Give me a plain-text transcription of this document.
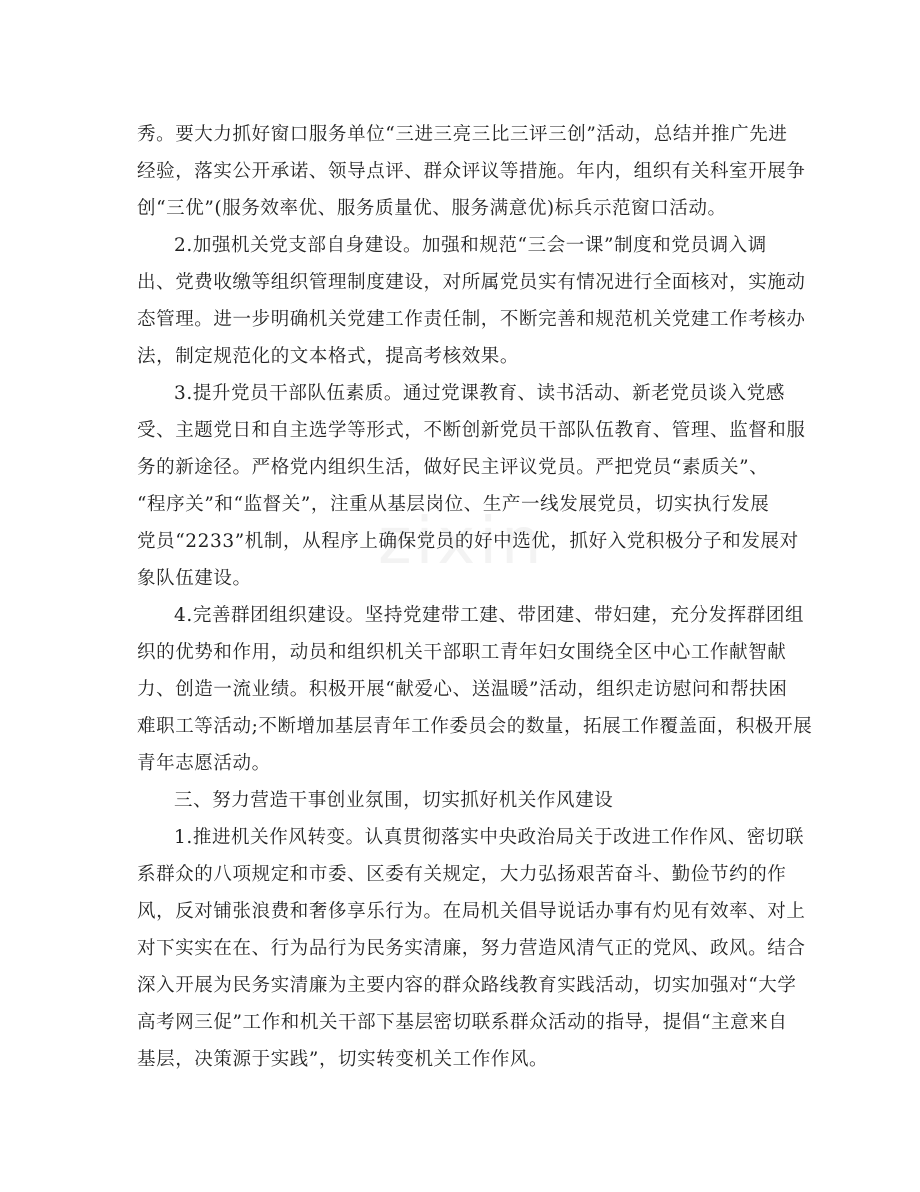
zixin
秀。要大力抓好窗口服务单位“三进三亮三比三评三创”活动，总结并推广先进
经验，落实公开承诺、领导点评、群众评议等措施。年内，组织有关科室开展争
创“三优”(服务效率优、服务质量优、服务满意优)标兵示范窗口活动。
2.加强机关党支部自身建设。加强和规范“三会一课”制度和党员调入调
出、党费收缴等组织管理制度建设，对所属党员实有情况进行全面核对，实施动
态管理。进一步明确机关党建工作责任制，不断完善和规范机关党建工作考核办
法，制定规范化的文本格式，提高考核效果。
3.提升党员干部队伍素质。通过党课教育、读书活动、新老党员谈入党感
受、主题党日和自主选学等形式，不断创新党员干部队伍教育、管理、监督和服
务的新途径。严格党内组织生活，做好民主评议党员。严把党员“素质关”、
“程序关”和“监督关”，注重从基层岗位、生产一线发展党员，切实执行发展
党员“2233”机制，从程序上确保党员的好中选优，抓好入党积极分子和发展对
象队伍建设。
4.完善群团组织建设。坚持党建带工建、带团建、带妇建，充分发挥群团组
织的优势和作用，动员和组织机关干部职工青年妇女围绕全区中心工作献智献
力、创造一流业绩。积极开展“献爱心、送温暖”活动，组织走访慰问和帮扶困
难职工等活动;不断增加基层青年工作委员会的数量，拓展工作覆盖面，积极开展
青年志愿活动。
三、努力营造干事创业氛围，切实抓好机关作风建设
1.推进机关作风转变。认真贯彻落实中央政治局关于改进工作作风、密切联
系群众的八项规定和市委、区委有关规定，大力弘扬艰苦奋斗、勤俭节约的作
风，反对铺张浪费和奢侈享乐行为。在局机关倡导说话办事有灼见有效率、对上
对下实实在在、行为品行为民务实清廉，努力营造风清气正的党风、政风。结合
深入开展为民务实清廉为主要内容的群众路线教育实践活动，切实加强对“大学
高考网三促”工作和机关干部下基层密切联系群众活动的指导，提倡“主意来自
基层，决策源于实践”，切实转变机关工作作风。
